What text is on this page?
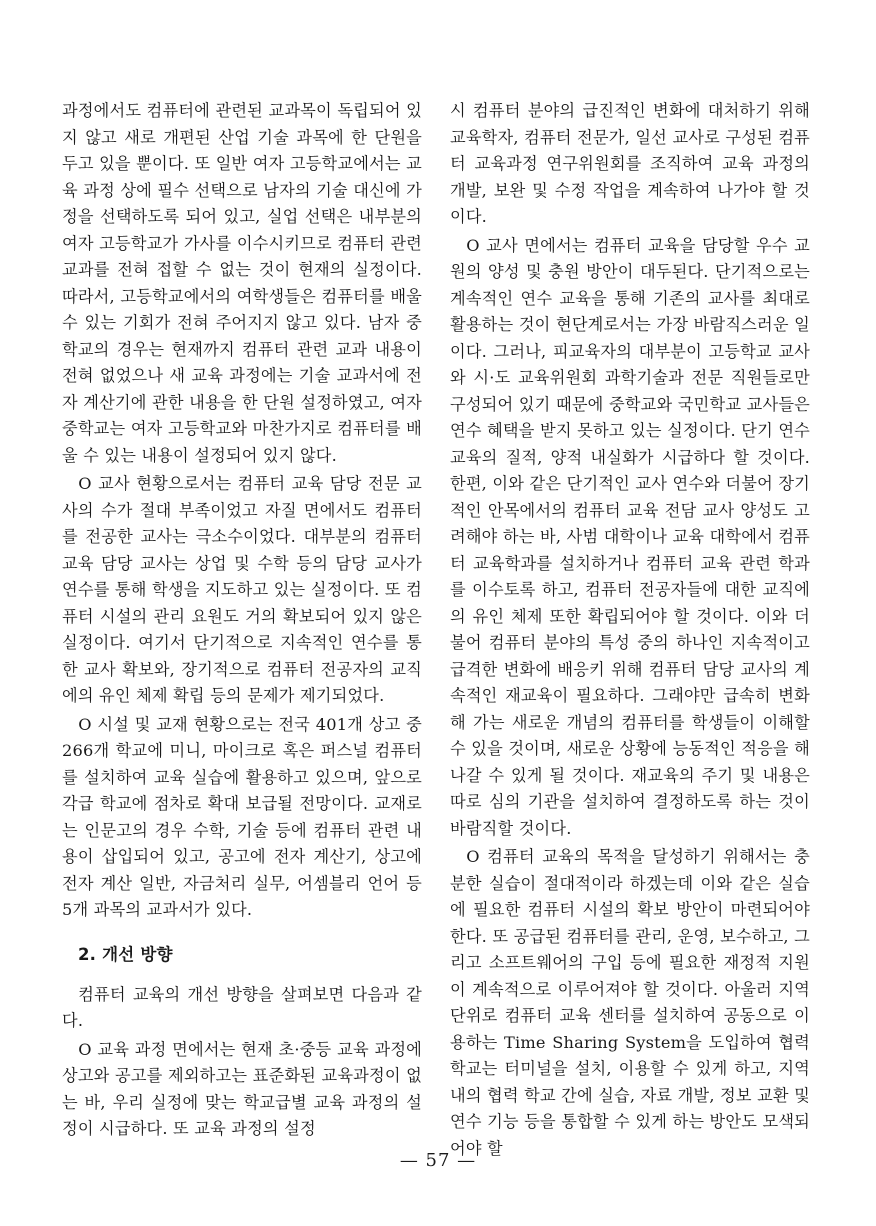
과정에서도 컴퓨터에 관련된 교과목이 독립되어 있지 않고 새로 개편된 산업 기술 과목에 한 단원을 두고 있을 뿐이다. 또 일반 여자 고등학교에서는 교육 과정 상에 필수 선택으로 남자의 기술 대신에 가정을 선택하도록 되어 있고, 실업 선택은 내부분의 여자 고등학교가 가사를 이수시키므로 컴퓨터 관련 교과를 전혀 접할 수 없는 것이 현재의 실정이다. 따라서, 고등학교에서의 여학생들은 컴퓨터를 배울 수 있는 기회가 전혀 주어지지 않고 있다. 남자 중학교의 경우는 현재까지 컴퓨터 관련 교과 내용이 전혀 없었으나 새 교육 과정에는 기술 교과서에 전자 계산기에 관한 내용을 한 단원 설정하였고, 여자 중학교는 여자 고등학교와 마찬가지로 컴퓨터를 배울 수 있는 내용이 설정되어 있지 않다.

O 교사 현황으로서는 컴퓨터 교육 담당 전문 교사의 수가 절대 부족이었고 자질 면에서도 컴퓨터를 전공한 교사는 극소수이었다. 대부분의 컴퓨터 교육 담당 교사는 상업 및 수학 등의 담당 교사가 연수를 통해 학생을 지도하고 있는 실정이다. 또 컴퓨터 시설의 관리 요원도 거의 확보되어 있지 않은 실정이다. 여기서 단기적으로 지속적인 연수를 통한 교사 확보와, 장기적으로 컴퓨터 전공자의 교직에의 유인 체제 확립 등의 문제가 제기되었다.

O 시설 및 교재 현황으로는 전국 401개 상고 중 266개 학교에 미니, 마이크로 혹은 퍼스널 컴퓨터를 설치하여 교육 실습에 활용하고 있으며, 앞으로 각급 학교에 점차로 확대 보급될 전망이다. 교재로는 인문고의 경우 수학, 기술 등에 컴퓨터 관련 내용이 삽입되어 있고, 공고에 전자 계산기, 상고에 전자 계산 일반, 자금처리 실무, 어셈블리 언어 등 5개 과목의 교과서가 있다.

2. 개선 방향

컴퓨터 교육의 개선 방향을 살펴보면 다음과 같다.

O 교육 과정 면에서는 현재 초·중등 교육 과정에 상고와 공고를 제외하고는 표준화된 교육과정이 없는 바, 우리 실정에 맞는 학교급별 교육 과정의 설정이 시급하다. 또 교육 과정의 설정

시 컴퓨터 분야의 급진적인 변화에 대처하기 위해 교육학자, 컴퓨터 전문가, 일선 교사로 구성된 컴퓨터 교육과정 연구위원회를 조직하여 교육 과정의 개발, 보완 및 수정 작업을 계속하여 나가야 할 것이다.

O 교사 면에서는 컴퓨터 교육을 담당할 우수 교원의 양성 및 충원 방안이 대두된다. 단기적으로는 계속적인 연수 교육을 통해 기존의 교사를 최대로 활용하는 것이 현단계로서는 가장 바람직스러운 일이다. 그러나, 피교육자의 대부분이 고등학교 교사와 시·도 교육위원회 과학기술과 전문 직원들로만 구성되어 있기 때문에 중학교와 국민학교 교사들은 연수 혜택을 받지 못하고 있는 실정이다. 단기 연수 교육의 질적, 양적 내실화가 시급하다 할 것이다. 한편, 이와 같은 단기적인 교사 연수와 더불어 장기적인 안목에서의 컴퓨터 교육 전담 교사 양성도 고려해야 하는 바, 사범 대학이나 교육 대학에서 컴퓨터 교육학과를 설치하거나 컴퓨터 교육 관련 학과를 이수토록 하고, 컴퓨터 전공자들에 대한 교직에의 유인 체제 또한 확립되어야 할 것이다. 이와 더불어 컴퓨터 분야의 특성 중의 하나인 지속적이고 급격한 변화에 배응키 위해 컴퓨터 담당 교사의 계속적인 재교육이 필요하다. 그래야만 급속히 변화해 가는 새로운 개념의 컴퓨터를 학생들이 이해할 수 있을 것이며, 새로운 상황에 능동적인 적응을 해 나갈 수 있게 될 것이다. 재교육의 주기 및 내용은 따로 심의 기관을 설치하여 결정하도록 하는 것이 바람직할 것이다.

O 컴퓨터 교육의 목적을 달성하기 위해서는 충분한 실습이 절대적이라 하겠는데 이와 같은 실습에 필요한 컴퓨터 시설의 확보 방안이 마련되어야 한다. 또 공급된 컴퓨터를 관리, 운영, 보수하고, 그리고 소프트웨어의 구입 등에 필요한 재정적 지원이 계속적으로 이루어져야 할 것이다. 아울러 지역 단위로 컴퓨터 교육 센터를 설치하여 공동으로 이용하는 Time Sharing System을 도입하여 협력 학교는 터미널을 설치, 이용할 수 있게 하고, 지역 내의 협력 학교 간에 실습, 자료 개발, 정보 교환 및 연수 기능 등을 통합할 수 있게 하는 방안도 모색되어야 할

— 57 —
